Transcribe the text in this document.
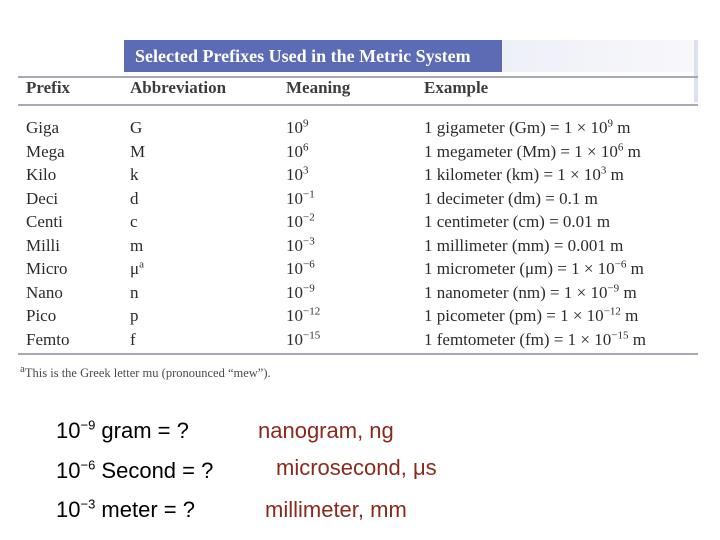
Selected Prefixes Used in the Metric System
Prefix	Abbreviation	Meaning	Example
Giga	G	$10^9$	1 gigameter $(Gm) = 1 \times 10^9$ m
Mega	M	$10^6$	1 megameter $(Mm) = 1 \times 10^6$ m
Kilo	k	$10^3$	1 kilometer $(km) = 1 \times 10^3$ m
Deci	d	$10^{-1}$	1 decimeter (dm) = 0.1 m
Centi	c	$10^{-2}$	1 centimeter (cm) = 0.01 m
Milli	m	$10^{-3}$	1 millimeter (mm) = 0.001 m
Micro	$\mu^a$	$10^{-6}$	1 micrometer $(\mu m) = 1 \times 10^{-6}$ m
Nano	n	$10^{-9}$	1 nanometer $(nm) = 1 \times 10^{-9}$ m
Pico	p	$10^{-12}$	1 picometer $(pm) = 1 \times 10^{-12}$ m
Femto	f	$10^{-15}$	1 femtometer $(fm) = 1 \times 10^{-15}$ m
$^a$This is the Greek letter mu (pronounced “mew”).
$10^{-9}$ gram = ?	nanogram, ng
$10^{-6}$ Second = ?	microsecond, μs
$10^{-3}$ meter = ?	millimeter, mm
